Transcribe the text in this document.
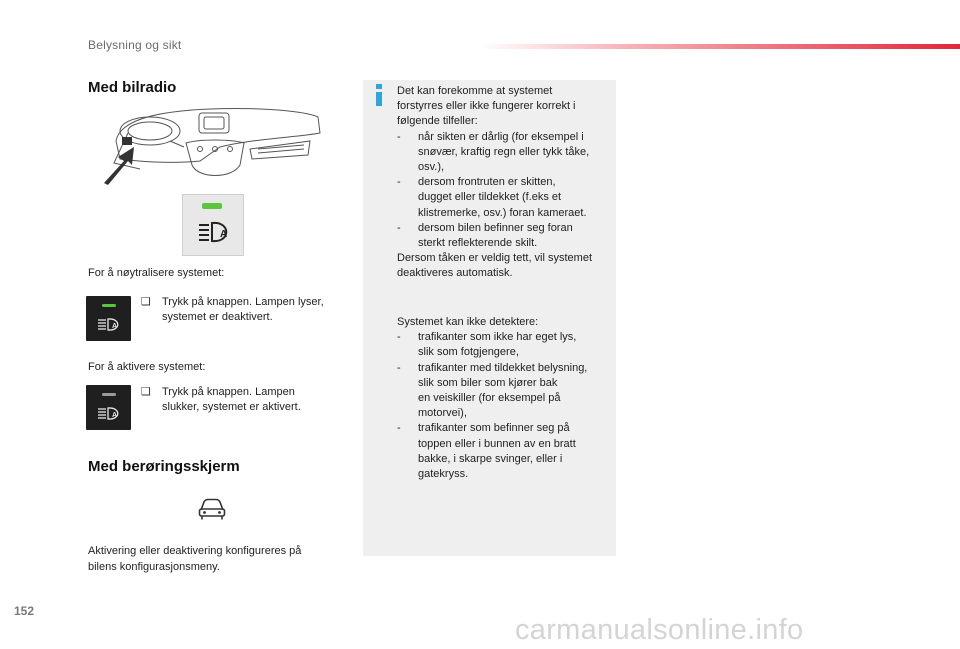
Belysning og sikt
Med bilradio
A
For å nøytralisere systemet:
A
❑ Trykk på knappen. Lampen lyser,
systemet er deaktivert.
For å aktivere systemet:
A
❑ Trykk på knappen. Lampen
slukker, systemet er aktivert.
Med berøringsskjerm
Aktivering eller deaktivering konfigureres på
bilens konfigurasjonsmeny.
Det kan forekomme at systemet
forstyrres eller ikke fungerer korrekt i
følgende tilfeller:
- når sikten er dårlig (for eksempel i
snøvær, kraftig regn eller tykk tåke,
osv.),
- dersom frontruten er skitten,
dugget eller tildekket (f.eks et
klistremerke, osv.) foran kameraet.
- dersom bilen befinner seg foran
sterkt reflekterende skilt.
Dersom tåken er veldig tett, vil systemet
deaktiveres automatisk.
Systemet kan ikke detektere:
- trafikanter som ikke har eget lys,
slik som fotgjengere,
- trafikanter med tildekket belysning,
slik som biler som kjører bak
en veiskiller (for eksempel på
motorvei),
- trafikanter som befinner seg på
toppen eller i bunnen av en bratt
bakke, i skarpe svinger, eller i
gatekryss.
152
carmanualsonline.info
